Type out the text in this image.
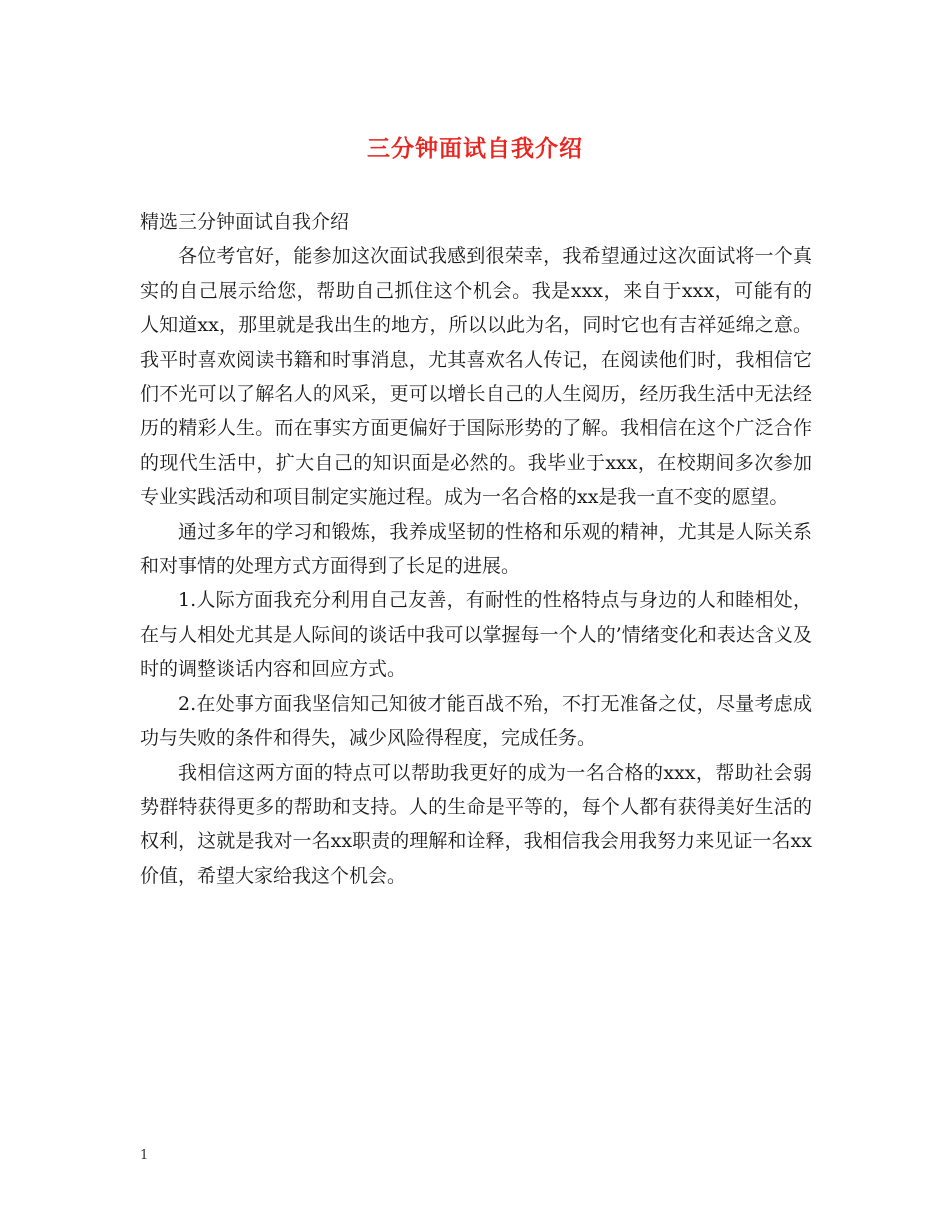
三分钟面试自我介绍

精选三分钟面试自我介绍

各位考官好，能参加这次面试我感到很荣幸，我希望通过这次面试将一个真实的自己展示给您，帮助自己抓住这个机会。我是xxx，来自于xxx，可能有的人知道xx，那里就是我出生的地方，所以以此为名，同时它也有吉祥延绵之意。我平时喜欢阅读书籍和时事消息，尤其喜欢名人传记，在阅读他们时，我相信它们不光可以了解名人的风采，更可以增长自己的人生阅历，经历我生活中无法经历的精彩人生。而在事实方面更偏好于国际形势的了解。我相信在这个广泛合作的现代生活中，扩大自己的知识面是必然的。我毕业于xxx，在校期间多次参加专业实践活动和项目制定实施过程。成为一名合格的xx是我一直不变的愿望。

通过多年的学习和锻炼，我养成坚韧的性格和乐观的精神，尤其是人际关系和对事情的处理方式方面得到了长足的进展。

1.人际方面我充分利用自己友善，有耐性的性格特点与身边的人和睦相处，在与人相处尤其是人际间的谈话中我可以掌握每一个人的’情绪变化和表达含义及时的调整谈话内容和回应方式。

2.在处事方面我坚信知己知彼才能百战不殆，不打无准备之仗，尽量考虑成功与失败的条件和得失，减少风险得程度，完成任务。

我相信这两方面的特点可以帮助我更好的成为一名合格的xxx，帮助社会弱势群特获得更多的帮助和支持。人的生命是平等的，每个人都有获得美好生活的权利，这就是我对一名xx职责的理解和诠释，我相信我会用我努力来见证一名xx价值，希望大家给我这个机会。

1
